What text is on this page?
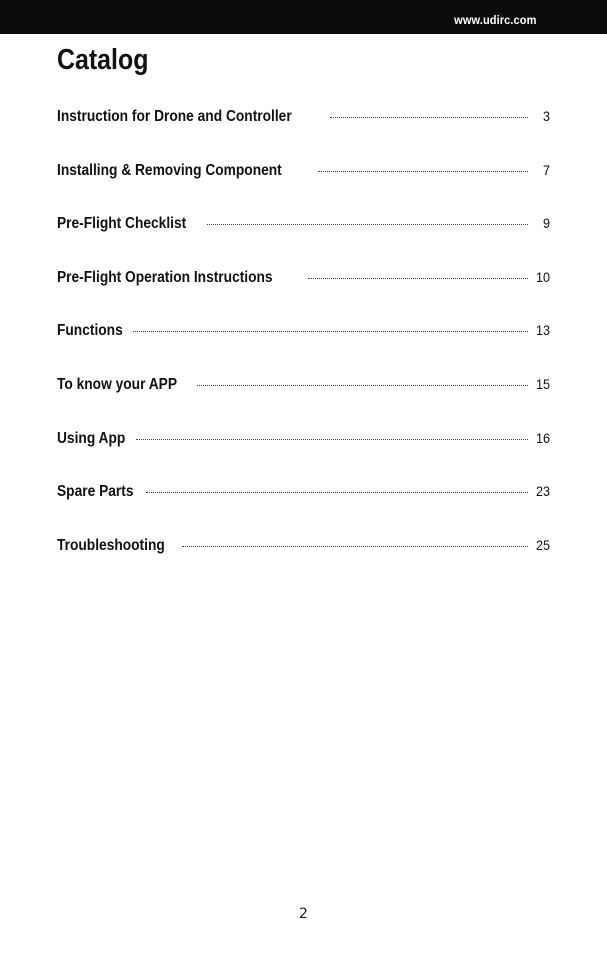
www.udirc.com
Catalog
Instruction for Drone and Controller	3
Installing & Removing Component	7
Pre-Flight Checklist	9
Pre-Flight Operation Instructions	10
Functions	13
To know your APP	15
Using App	16
Spare Parts	23
Troubleshooting	25
2
